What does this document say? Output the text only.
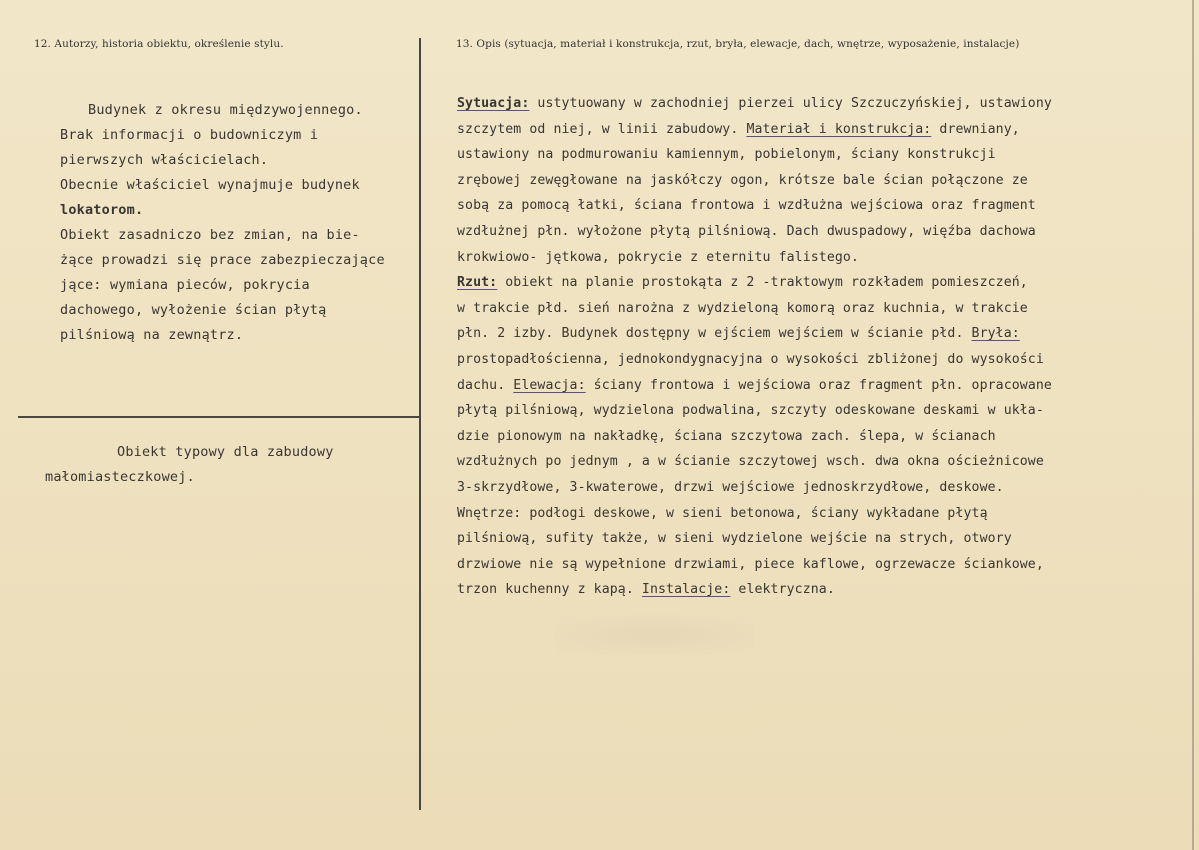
12. Autorzy, historia obiektu, określenie stylu.	13. Opis (sytuacja, materiał i konstrukcja, rzut, bryła, elewacje, dach, wnętrze, wyposażenie, instalacje)
Budynek z okresu międzywojennego.
Brak informacji o budowniczym i
pierwszych właścicielach.
Obecnie właściciel wynajmuje budynek
lokatorom.
Obiekt zasadniczo bez zmian, na bie-
żące prowadzi się prace zabezpieczające
jące: wymiana pieców, pokrycia
dachowego, wyłożenie ścian płytą
pilśniową na zewnątrz.
Obiekt typowy dla zabudowy
małomiasteczkowej.
Sytuacja: ustytuowany w zachodniej pierzei ulicy Szczuczyńskiej, ustawiony
szczytem od niej, w linii zabudowy. Materiał i konstrukcja: drewniany,
ustawiony na podmurowaniu kamiennym, pobielonym, ściany konstrukcji
zrębowej zewęgłowane na jaskółczy ogon, krótsze bale ścian połączone ze
sobą za pomocą łatki, ściana frontowa i wzdłużna wejściowa oraz fragment
wzdłużnej płn. wyłożone płytą pilśniową. Dach dwuspadowy, więźba dachowa
krokwiowo- jętkowa, pokrycie z eternitu falistego.
Rzut: obiekt na planie prostokąta z 2 -traktowym rozkładem pomieszczeń,
w trakcie płd. sień narożna z wydzieloną komorą oraz kuchnia, w trakcie
płn. 2 izby. Budynek dostępny w ejściem wejściem w ścianie płd. Bryła:
prostopadłościenna, jednokondygnacyjna o wysokości zbliżonej do wysokości
dachu. Elewacja: ściany frontowa i wejściowa oraz fragment płn. opracowane
płytą pilśniową, wydzielona podwalina, szczyty odeskowane deskami w ukła-
dzie pionowym na nakładkę, ściana szczytowa zach. ślepa, w ścianach
wzdłużnych po jednym , a w ścianie szczytowej wsch. dwa okna ościeżnicowe
3-skrzydłowe, 3-kwaterowe, drzwi wejściowe jednoskrzydłowe, deskowe.
Wnętrze: podłogi deskowe, w sieni betonowa, ściany wykładane płytą
pilśniową, sufity także, w sieni wydzielone wejście na strych, otwory
drzwiowe nie są wypełnione drzwiami, piece kaflowe, ogrzewacze ściankowe,
trzon kuchenny z kapą. Instalacje: elektryczna.
